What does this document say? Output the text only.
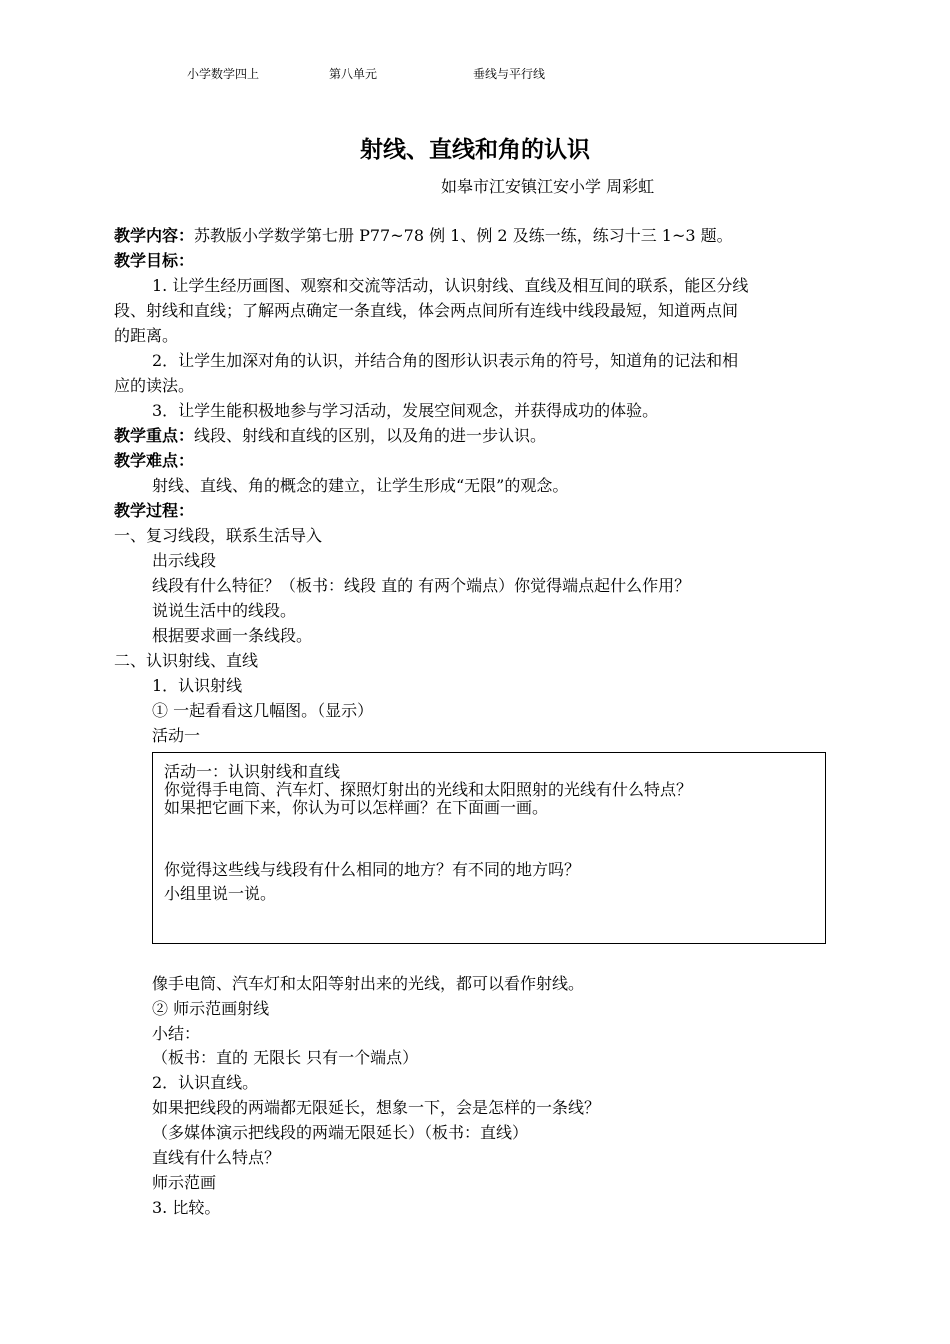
小学数学四上	第八单元	垂线与平行线
射线、直线和角的认识
如皋市江安镇江安小学 周彩虹
教学内容：苏教版小学数学第七册 P77~78 例 1、例 2 及练一练，练习十三 1~3 题。
教学目标：
1. 让学生经历画图、观察和交流等活动，认识射线、直线及相互间的联系，能区分线
段、射线和直线；了解两点确定一条直线，体会两点间所有连线中线段最短，知道两点间
的距离。
2．让学生加深对角的认识，并结合角的图形认识表示角的符号，知道角的记法和相
应的读法。
3．让学生能积极地参与学习活动，发展空间观念，并获得成功的体验。
教学重点：线段、射线和直线的区别，以及角的进一步认识。
教学难点：
射线、直线、角的概念的建立，让学生形成“无限”的观念。
教学过程：
一、复习线段，联系生活导入
出示线段
线段有什么特征？（板书：线段 直的 有两个端点）你觉得端点起什么作用？
说说生活中的线段。
根据要求画一条线段。
二、认识射线、直线
1．认识射线
① 一起看看这几幅图。（显示）
活动一
活动一：认识射线和直线
你觉得手电筒、汽车灯、探照灯射出的光线和太阳照射的光线有什么特点？
如果把它画下来，你认为可以怎样画？在下面画一画。
你觉得这些线与线段有什么相同的地方？有不同的地方吗？
小组里说一说。
像手电筒、汽车灯和太阳等射出来的光线，都可以看作射线。
② 师示范画射线
小结：
（板书：直的 无限长 只有一个端点）
2．认识直线。
如果把线段的两端都无限延长，想象一下，会是怎样的一条线？
（多媒体演示把线段的两端无限延长）（板书：直线）
直线有什么特点？
师示范画
3. 比较。
